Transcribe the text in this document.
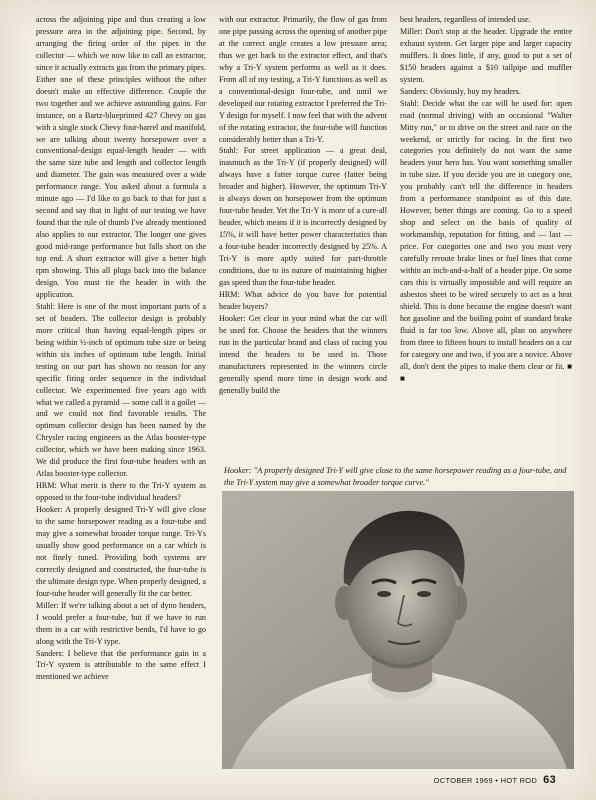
across the adjoining pipe and thus creating a low pressure area in the adjoining pipe. Second, by arranging the firing order of the pipes in the collector — which we now like to call an extractor, since it actually extracts gas from the primary pipes. Either one of these principles without the other doesn't make an effective difference. Couple the two together and we achieve astounding gains. For instance, on a Bartz-blueprinted 427 Chevy on gas with a single stock Chevy four-barrel and manifold, we are talking about twenty horsepower over a conventional-design equal-length header — with the same size tube and length and collector length and diameter. The gain was measured over a wide performance range. You asked about a formula a minute ago — I'd like to go back to that for just a second and say that in light of our testing we have found that the rule of thumb I've already mentioned also applies to our extractor. The longer one gives good mid-range performance but falls short on the top end. A short extractor will give a better high rpm showing. This all plugs back into the balance design. You must tie the header in with the application.

Stahl: Here is one of the most important parts of a set of headers. The collector design is probably more critical than having equal-length pipes or being within ½-inch of optimum tube size or being within six inches of optimum tube length. Initial testing on our part has shown no reason for any specific firing order sequence in the individual collector. We experimented five years ago with what we called a pyramid — some call it a goilet — and we could not find favorable results. The optimum collector design has been named by the Chrysler racing engineers as the Atlas booster-type collector, which we have been making since 1963. We did produce the first four-tube headers with an Atlas booster-type collector.

HRM: What merit is there to the Tri-Y system as opposed to the four-tube individual headers?

Hooker: A properly designed Tri-Y will give close to the same horsepower reading as a four-tube and may give a somewhat broader torque range. Tri-Ys usually show good performance on a car which is not finely tuned. Providing both systems are correctly designed and constructed, the four-tube is the ultimate design type. When properly designed, a four-tube header will generally fit the car better.

Miller: If we're talking about a set of dyno headers, I would prefer a four-tube, but if we have to run them in a car with restrictive bends, I'd have to go along with the Tri-Y type.

Sanders: I believe that the performance gain in a Tri-Y system is attributable to the same effect I mentioned we achieve

with our extractor. Primarily, the flow of gas from one pipe passing across the opening of another pipe at the correct angle creates a low pressure area; thus we get back to the extractor effect, and that's why a Tri-Y system performs as well as it does. From all of my testing, a Tri-Y functions as well as a conventional-design four-tube, and until we developed our rotating extractor I preferred the Tri-Y design for myself. I now feel that with the advent of the rotating extractor, the four-tube will function considerably better than a Tri-Y.

Stahl: For street application — a great deal, inasmuch as the Tri-Y (if properly designed) will always have a fatter torque curve (fatter being broader and higher). However, the optimum Tri-Y is always down on horsepower from the optimum four-tube header. Yet the Tri-Y is more of a cure-all header, which means if it is incorrectly designed by 15%, it will have better power characteristics than a four-tube header incorrectly designed by 25%. A Tri-Y is more aptly suited for part-throttle conditions, due to its nature of maintaining higher gas speed than the four-tube header.

HRM: What advice do you have for potential header buyers?

Hooker: Get clear in your mind what the car will be used for. Choose the headers that the winners run in the particular brand and class of racing you intend the headers to be used in. Those manufacturers represented in the winners circle generally spend more time in design work and generally build the

best headers, regardless of intended use.

Miller: Don't stop at the header. Upgrade the entire exhaust system. Get larger pipe and larger capacity mufflers. It does little, if any, good to put a set of $150 headers against a $10 tailpipe and muffler system.

Sanders: Obviously, buy my headers.

Stahl: Decide what the car will be used for: open road (normal driving) with an occasional "Walter Mitty run," or to drive on the street and race on the weekend, or strictly for racing. In the first two categories you definitely do not want the same headers your hero has. You want something smaller in tube size. If you decide you are in category one, you probably can't tell the difference in headers from a performance standpoint as of this date. However, better things are coming. Go to a speed shop and select on the basis of quality of workmanship, reputation for fitting, and — last — price. For categories one and two you must very carefully reroute brake lines or fuel lines that come within an inch-and-a-half of a header pipe. On some cars this is virtually impossible and will require an asbestos sheet to be wired securely to act as a heat shield. This is done because the engine doesn't want hot gasoline and the boiling point of standard brake fluid is far too low. Above all, plan on anywhere from three to fifteen hours to install headers on a car for category one and two, if you are a novice. Above all, don't dent the pipes to make them clear or fit. ■ ■

Hooker: "A properly designed Tri-Y will give close to the same horsepower reading as a four-tube, and the Tri-Y system may give a somewhat broader torque curve."
OCTOBER 1969 • HOT ROD 63
